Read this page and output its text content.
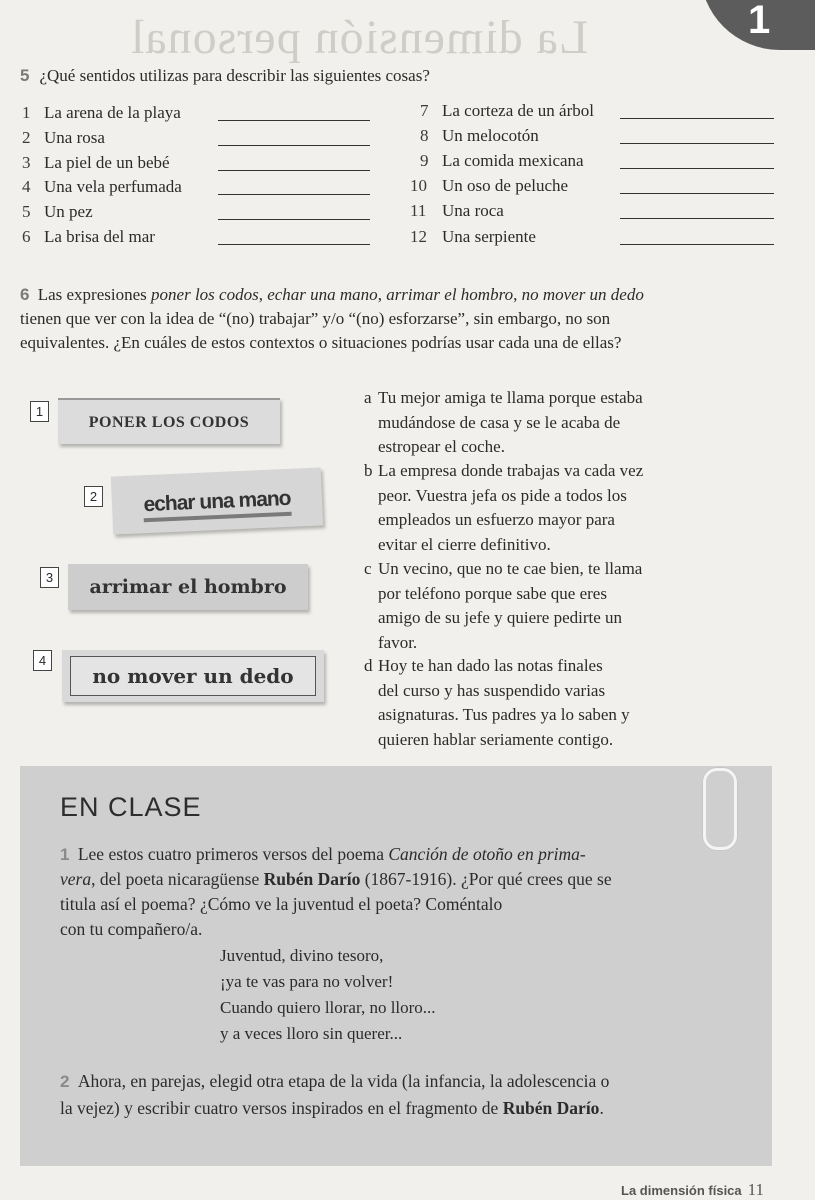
La dimensión personal	1
5 ¿Qué sentidos utilizas para describir las siguientes cosas?
1 La arena de la playa
2 Una rosa
3 La piel de un bebé
4 Una vela perfumada
5 Un pez
6 La brisa del mar
7 La corteza de un árbol
8 Un melocotón
9 La comida mexicana
10 Un oso de peluche
11 Una roca
12 Una serpiente
6 Las expresiones poner los codos, echar una mano, arrimar el hombro, no mover un dedo
tienen que ver con la idea de “(no) trabajar” y/o “(no) esforzarse”, sin embargo, no son
equivalentes. ¿En cuáles de estos contextos o situaciones podrías usar cada una de ellas?
1
PONER LOS CODOS
2	echar una mano
3	arrimar el hombro
4
no mover un dedo
a Tu mejor amiga te llama porque estaba
mudándose de casa y se le acaba de
estropear el coche.
b La empresa donde trabajas va cada vez
peor. Vuestra jefa os pide a todos los
empleados un esfuerzo mayor para
evitar el cierre definitivo.
c Un vecino, que no te cae bien, te llama
por teléfono porque sabe que eres
amigo de su jefe y quiere pedirte un
favor.
d Hoy te han dado las notas finales
del curso y has suspendido varias
asignaturas. Tus padres ya lo saben y
quieren hablar seriamente contigo.
EN CLASE
1 Lee estos cuatro primeros versos del poema Canción de otoño en prima-
vera, del poeta nicaragüense Rubén Darío (1867-1916). ¿Por qué crees que se
titula así el poema? ¿Cómo ve la juventud el poeta? Coméntalo
con tu compañero/a.
Juventud, divino tesoro,
¡ya te vas para no volver!
Cuando quiero llorar, no lloro...
y a veces lloro sin querer...
2 Ahora, en parejas, elegid otra etapa de la vida (la infancia, la adolescencia o
la vejez) y escribir cuatro versos inspirados en el fragmento de Rubén Darío.
La dimensión física 11
